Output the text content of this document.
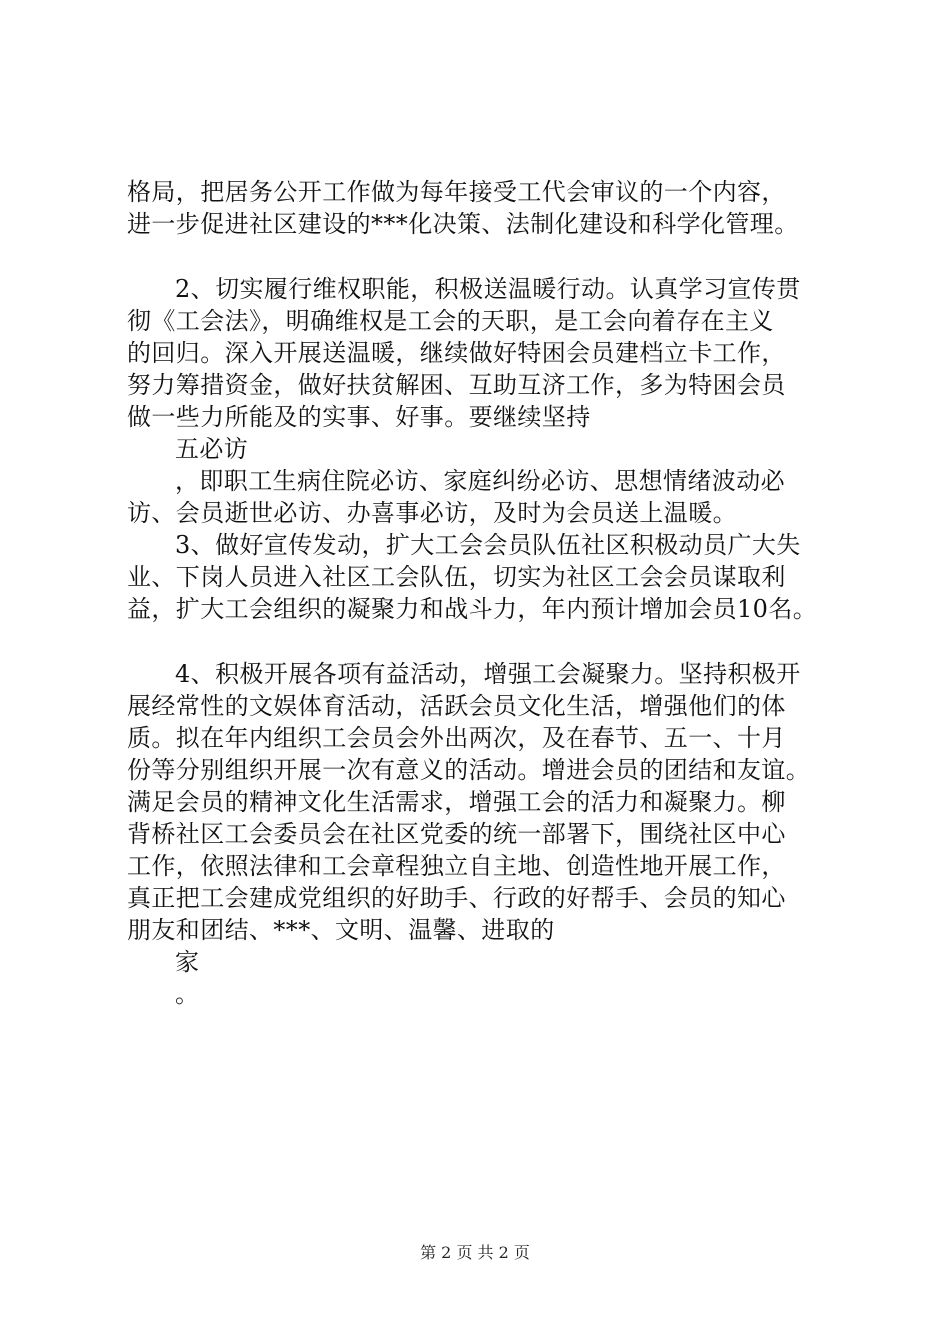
格局，把居务公开工作做为每年接受工代会审议的一个内容，
进一步促进社区建设的***化决策、法制化建设和科学化管理。
2、切实履行维权职能，积极送温暖行动。认真学习宣传贯
彻《工会法》，明确维权是工会的天职，是工会向着存在主义
的回归。深入开展送温暖，继续做好特困会员建档立卡工作，
努力筹措资金，做好扶贫解困、互助互济工作，多为特困会员
做一些力所能及的实事、好事。要继续坚持
五必访
，即职工生病住院必访、家庭纠纷必访、思想情绪波动必
访、会员逝世必访、办喜事必访，及时为会员送上温暖。
3、做好宣传发动，扩大工会会员队伍社区积极动员广大失
业、下岗人员进入社区工会队伍，切实为社区工会会员谋取利
益，扩大工会组织的凝聚力和战斗力，年内预计增加会员10名。
4、积极开展各项有益活动，增强工会凝聚力。坚持积极开
展经常性的文娱体育活动，活跃会员文化生活，增强他们的体
质。拟在年内组织工会员会外出两次，及在春节、五一、十月
份等分别组织开展一次有意义的活动。增进会员的团结和友谊。
满足会员的精神文化生活需求，增强工会的活力和凝聚力。柳
背桥社区工会委员会在社区党委的统一部署下，围绕社区中心
工作，依照法律和工会章程独立自主地、创造性地开展工作，
真正把工会建成党组织的好助手、行政的好帮手、会员的知心
朋友和团结、***、文明、温馨、进取的
家
。
第 2 页 共 2 页
